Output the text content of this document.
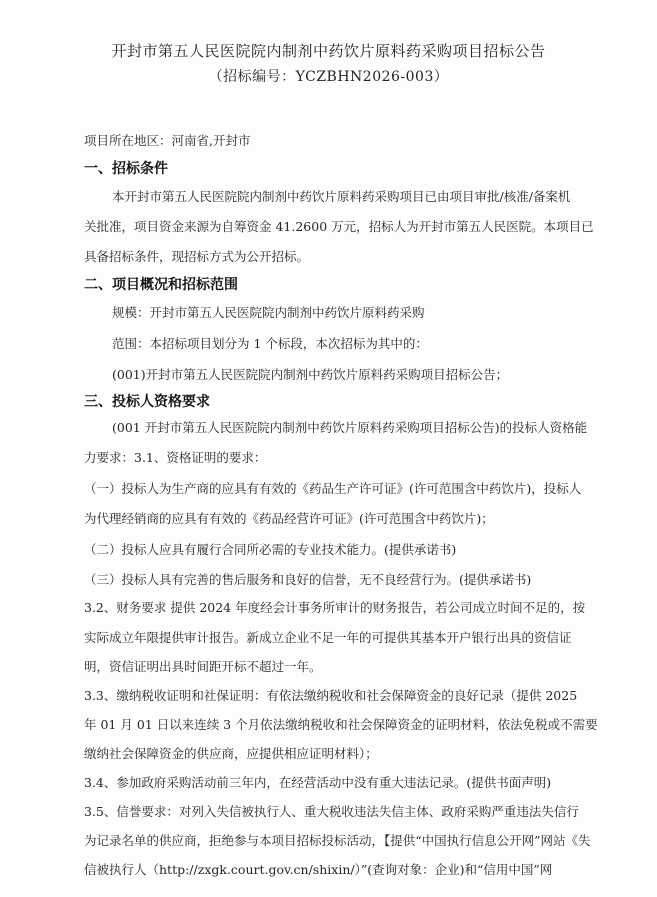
开封市第五人民医院院内制剂中药饮片原料药采购项目招标公告
（招标编号：YCZBHN2026-003）
项目所在地区：河南省,开封市
一、招标条件
本开封市第五人民医院院内制剂中药饮片原料药采购项目已由项目审批/核准/备案机
关批准，项目资金来源为自筹资金 41.2600 万元，招标人为开封市第五人民医院。本项目已
具备招标条件，现招标方式为公开招标。
二、项目概况和招标范围
规模：开封市第五人民医院院内制剂中药饮片原料药采购
范围：本招标项目划分为 1 个标段，本次招标为其中的：
(001)开封市第五人民医院院内制剂中药饮片原料药采购项目招标公告；
三、投标人资格要求
(001 开封市第五人民医院院内制剂中药饮片原料药采购项目招标公告)的投标人资格能
力要求：3.1、资格证明的要求：
（一）投标人为生产商的应具有有效的《药品生产许可证》(许可范围含中药饮片)，投标人
为代理经销商的应具有有效的《药品经营许可证》(许可范围含中药饮片)；
（二）投标人应具有履行合同所必需的专业技术能力。(提供承诺书)
（三）投标人具有完善的售后服务和良好的信誉，无不良经营行为。(提供承诺书)
3.2、财务要求 提供 2024 年度经会计事务所审计的财务报告，若公司成立时间不足的，按
实际成立年限提供审计报告。新成立企业不足一年的可提供其基本开户银行出具的资信证
明，资信证明出具时间距开标不超过一年。
3.3、缴纳税收证明和社保证明：有依法缴纳税收和社会保障资金的良好记录（提供 2025
年 01 月 01 日以来连续 3 个月依法缴纳税收和社会保障资金的证明材料，依法免税或不需要
缴纳社会保障资金的供应商，应提供相应证明材料）；
3.4、参加政府采购活动前三年内，在经营活动中没有重大违法记录。(提供书面声明)
3.5、信誉要求：对列入失信被执行人、重大税收违法失信主体、政府采购严重违法失信行
为记录名单的供应商，拒绝参与本项目招标投标活动，【提供“中国执行信息公开网”网站《失
信被执行人（http://zxgk.court.gov.cn/shixin/）”(查询对象：企业)和“信用中国”网
